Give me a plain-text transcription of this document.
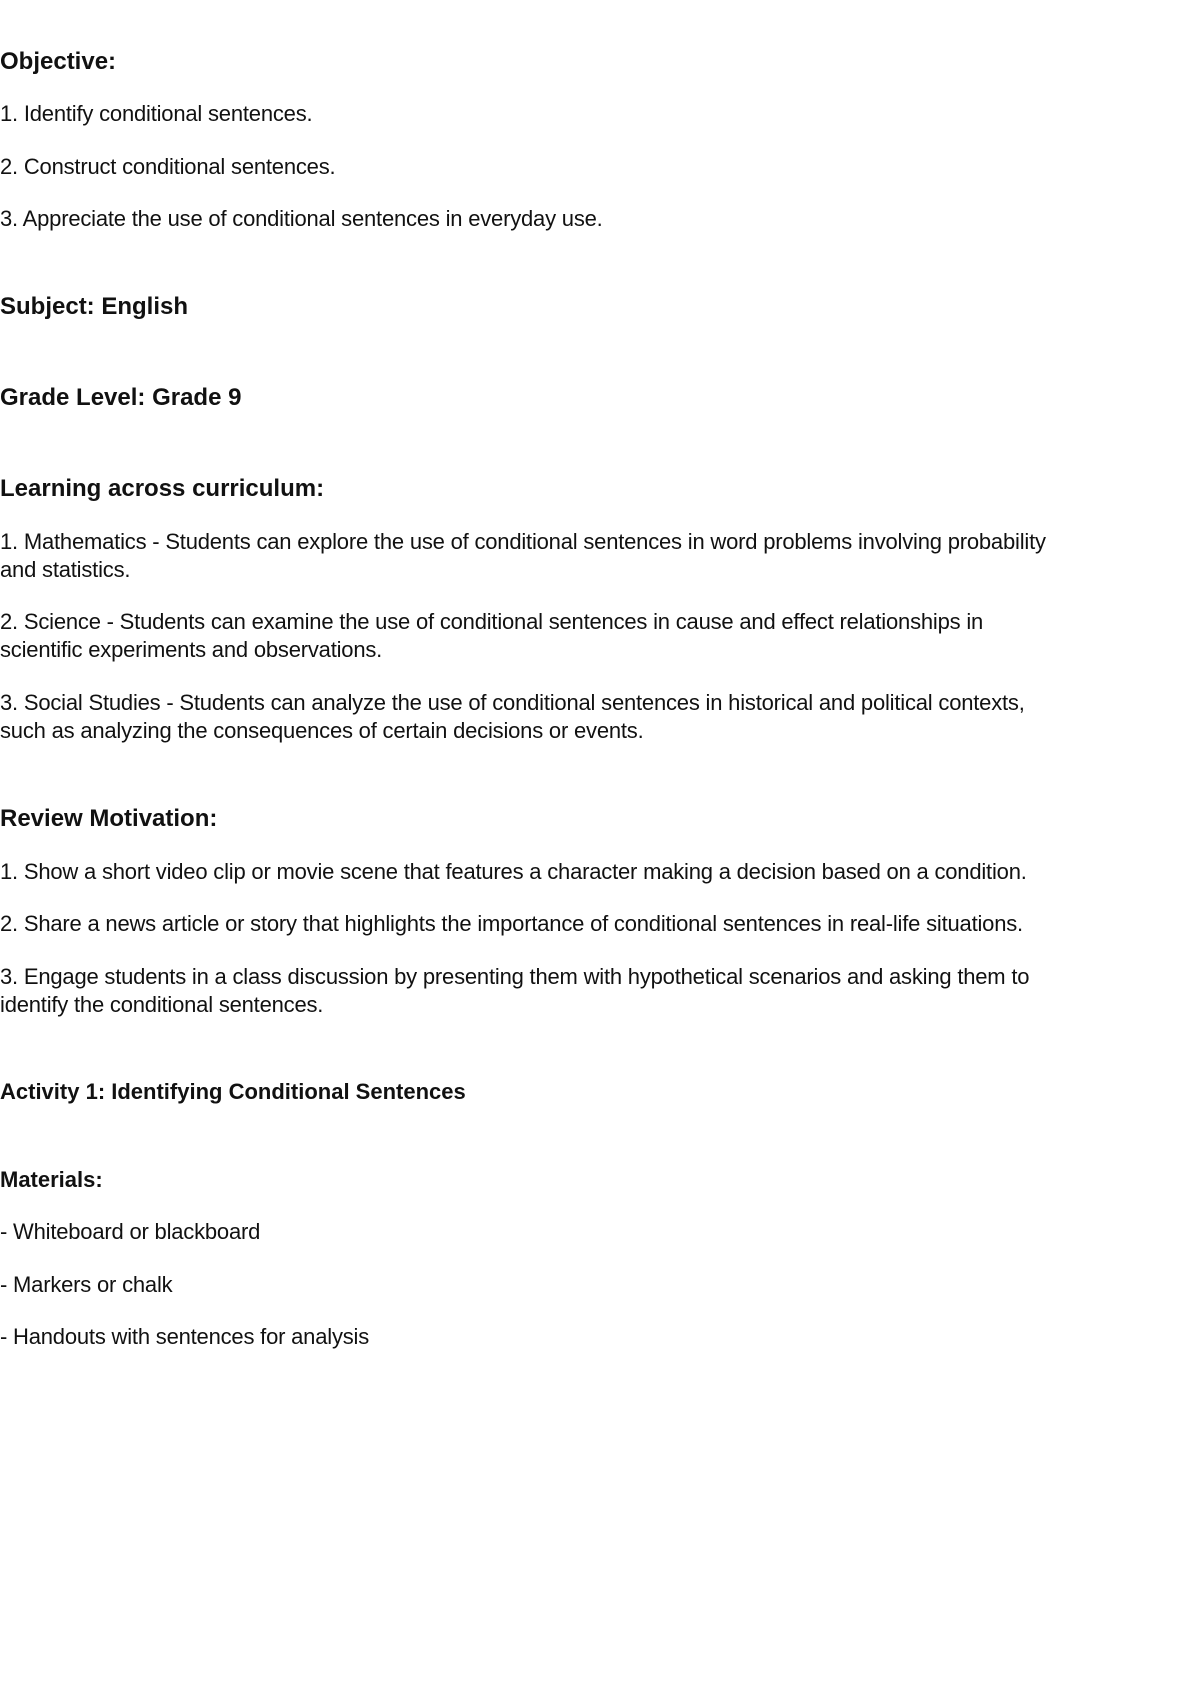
Objective:

1. Identify conditional sentences.

2. Construct conditional sentences.

3. Appreciate the use of conditional sentences in everyday use.

Subject: English

Grade Level: Grade 9

Learning across curriculum:

1. Mathematics - Students can explore the use of conditional sentences in word problems involving probability

and statistics.

2. Science - Students can examine the use of conditional sentences in cause and effect relationships in

scientific experiments and observations.

3. Social Studies - Students can analyze the use of conditional sentences in historical and political contexts,

such as analyzing the consequences of certain decisions or events.

Review Motivation:

1. Show a short video clip or movie scene that features a character making a decision based on a condition.

2. Share a news article or story that highlights the importance of conditional sentences in real-life situations.

3. Engage students in a class discussion by presenting them with hypothetical scenarios and asking them to

identify the conditional sentences.

Activity 1: Identifying Conditional Sentences

Materials:

- Whiteboard or blackboard

- Markers or chalk

- Handouts with sentences for analysis
